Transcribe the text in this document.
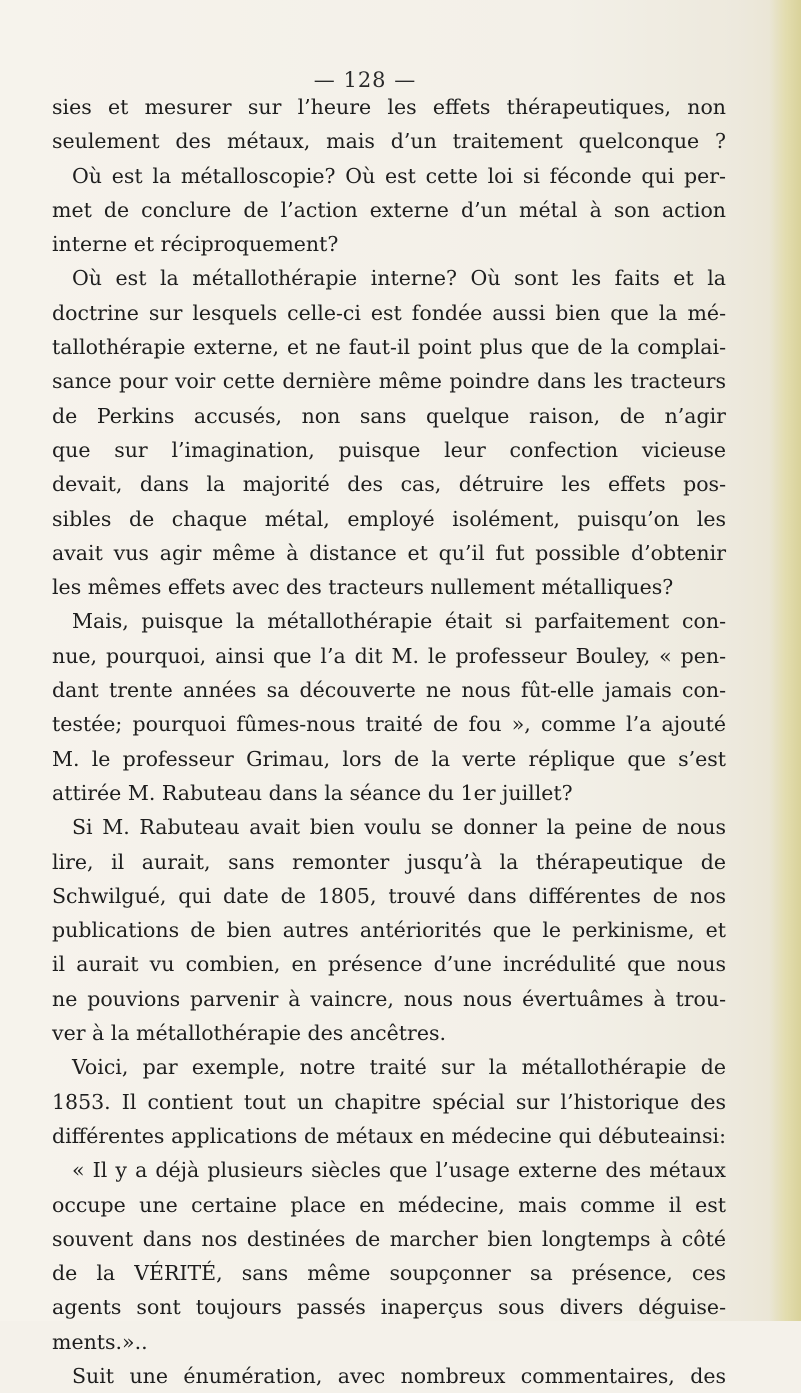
— 128 —
sies et mesurer sur l’heure les effets thérapeutiques, non
seulement des métaux, mais d’un traitement quelconque ?
Où est la métalloscopie? Où est cette loi si féconde qui per-
met de conclure de l’action externe d’un métal à son action
interne et réciproquement?
Où est la métallothérapie interne? Où sont les faits et la
doctrine sur lesquels celle-ci est fondée aussi bien que la mé-
tallothérapie externe, et ne faut-il point plus que de la complai-
sance pour voir cette dernière même poindre dans les tracteurs
de Perkins accusés, non sans quelque raison, de n’agir
que sur l’imagination, puisque leur confection vicieuse
devait, dans la majorité des cas, détruire les effets pos-
sibles de chaque métal, employé isolément, puisqu’on les
avait vus agir même à distance et qu’il fut possible d’obtenir
les mêmes effets avec des tracteurs nullement métalliques?
Mais, puisque la métallothérapie était si parfaitement con-
nue, pourquoi, ainsi que l’a dit M. le professeur Bouley, « pen-
dant trente années sa découverte ne nous fût-elle jamais con-
testée; pourquoi fûmes-nous traité de fou », comme l’a ajouté
M. le professeur Grimau, lors de la verte réplique que s’est
attirée M. Rabuteau dans la séance du 1er juillet?
Si M. Rabuteau avait bien voulu se donner la peine de nous
lire, il aurait, sans remonter jusqu’à la thérapeutique de
Schwilgué, qui date de 1805, trouvé dans différentes de nos
publications de bien autres antériorités que le perkinisme, et
il aurait vu combien, en présence d’une incrédulité que nous
ne pouvions parvenir à vaincre, nous nous évertuâmes à trou-
ver à la métallothérapie des ancêtres.
Voici, par exemple, notre traité sur la métallothérapie de
1853. Il contient tout un chapitre spécial sur l’historique des
différentes applications de métaux en médecine qui débuteainsi:
« Il y a déjà plusieurs siècles que l’usage externe des métaux
occupe une certaine place en médecine, mais comme il est
souvent dans nos destinées de marcher bien longtemps à côté
de la VÉRITÉ, sans même soupçonner sa présence, ces
agents sont toujours passés inaperçus sous divers déguise-
ments.»..
Suit une énumération, avec nombreux commentaires, des
